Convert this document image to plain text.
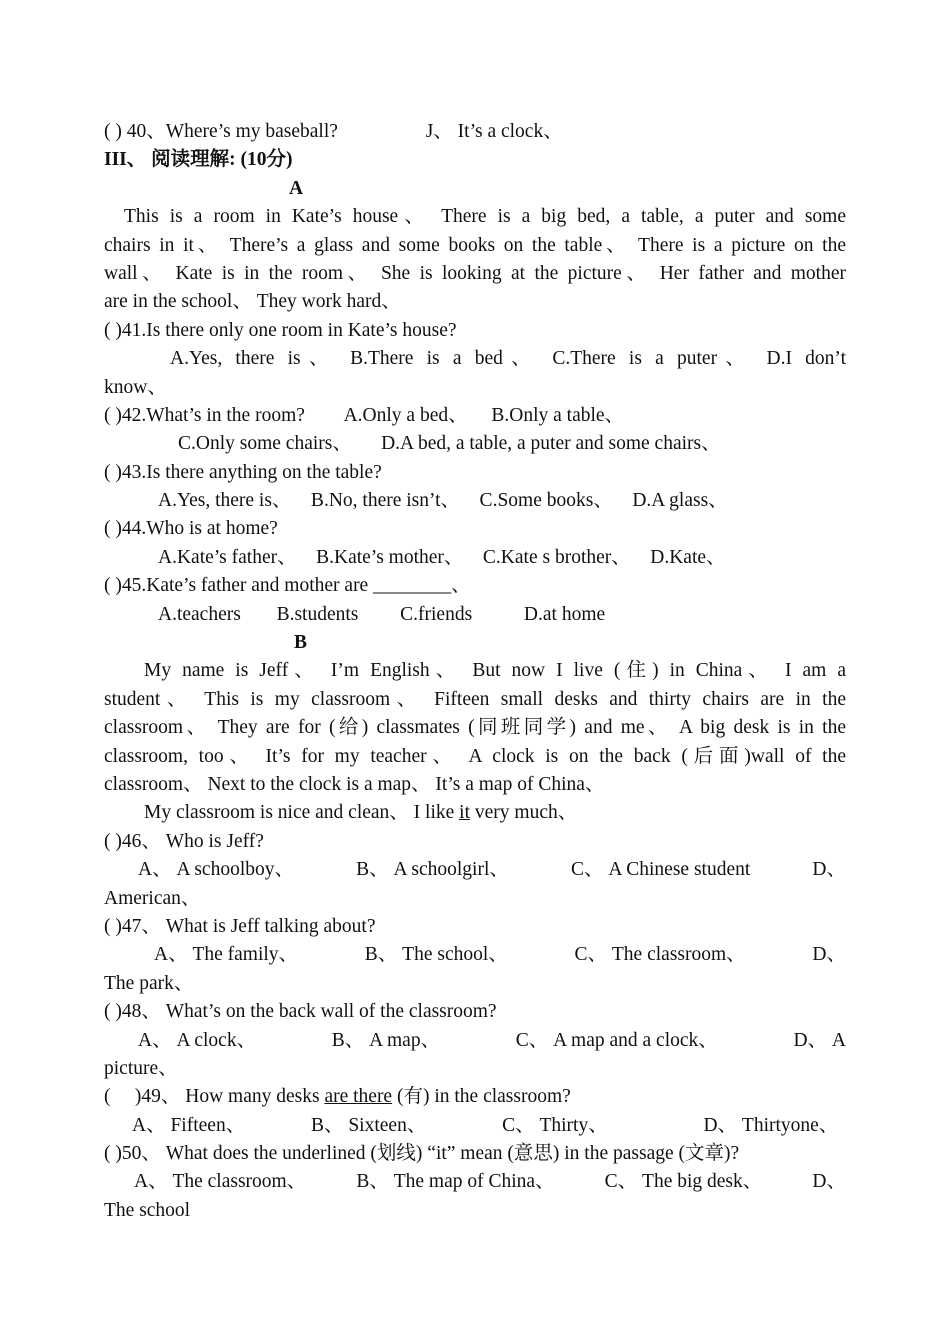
( ) 40、Where’s my baseball?	J、 It’s a clock、
III、 阅读理解: (10分)
A
This is a room in Kate’s house、 There is a big bed, a table, a puter and some
chairs in it、 There’s a glass and some books on the table、 There is a picture on the
wall、 Kate is in the room、 She is looking at the picture、 Her father and mother
are in the school、 They work hard、
( )41.Is there only one room in Kate’s house?
A.Yes, there is、 B.There is a bed、 C.There is a puter、 D.I don’t
know、
( )42.What’s in the room? A.Only a bed、 B.Only a table、
C.Only some chairs、      D.A bed, a table, a puter and some chairs、
( )43.Is there anything on the table?
A.Yes, there is、    B.No, there isn’t、    C.Some books、    D.A glass、
( )44.Who is at home?
A.Kate’s father、    B.Kate’s mother、    C.Kate s brother、    D.Kate、
( )45.Kate’s father and mother are ________、
A.teachers B.students C.friends	D.at home
B
My name is Jeff、 I’m English、 But now I live (住) in China、 I am a
student、 This is my classroom、 Fifteen small desks and thirty chairs are in the
classroom、 They are for (给) classmates (同班同学) and me、 A big desk is in the
classroom, too、 It’s for my teacher、 A clock is on the back (后面)wall of the
classroom、 Next to the clock is a map、 It’s a map of China、
My classroom is nice and clean、 I like it very much、
( )46、 Who is Jeff?
A、 A schoolboy、	B、 A schoolgirl、	C、 A Chinese student	D、
American、
( )47、 What is Jeff talking about?
A、 The family、	B、 The school、	C、 The classroom、	D、
The park、
( )48、 What’s on the back wall of the classroom?
A、 A clock、	B、 A map、	C、 A map and a clock、	D、 A
picture、
(     )49、 How many desks are there (有) in the classroom?
A、 Fifteen、	B、 Sixteen、	C、 Thirty、	D、 Thirtyone、
( )50、 What does the underlined (划线) “it” mean (意思) in the passage (文章)?
A、 The classroom、	B、 The map of China、	C、 The big desk、	D、
The school
